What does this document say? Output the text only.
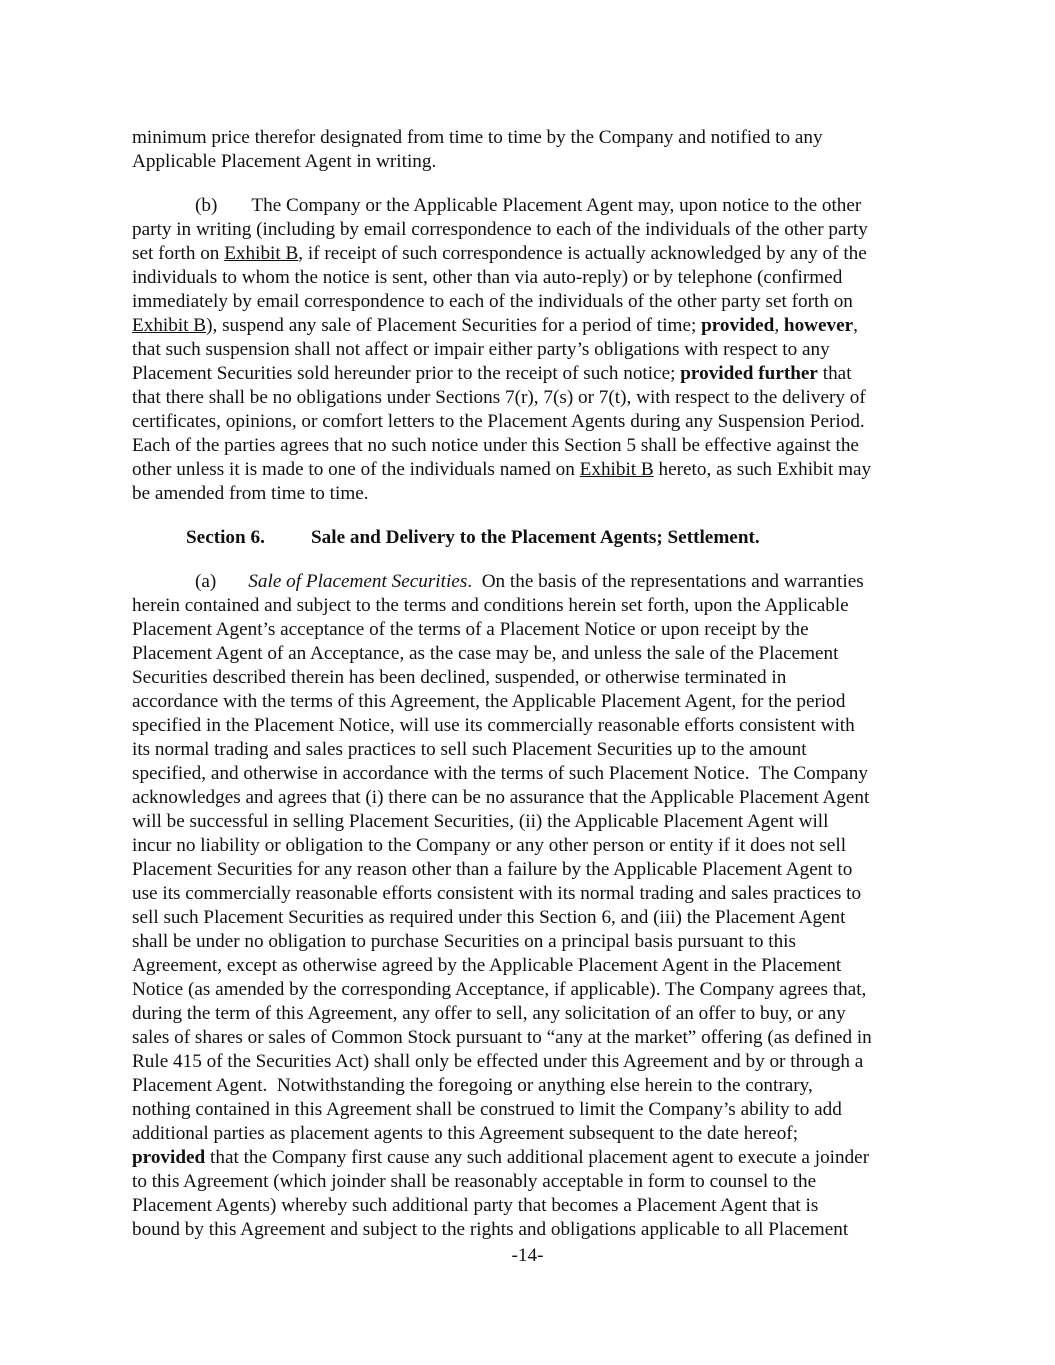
minimum price therefor designated from time to time by the Company and notified to any

Applicable Placement Agent in writing.

(b) The Company or the Applicable Placement Agent may, upon notice to the other

party in writing (including by email correspondence to each of the individuals of the other party

set forth on Exhibit B, if receipt of such correspondence is actually acknowledged by any of the

individuals to whom the notice is sent, other than via auto-reply) or by telephone (confirmed

immediately by email correspondence to each of the individuals of the other party set forth on

Exhibit B), suspend any sale of Placement Securities for a period of time; provided, however,

that such suspension shall not affect or impair either party’s obligations with respect to any

Placement Securities sold hereunder prior to the receipt of such notice; provided further that

that there shall be no obligations under Sections 7(r), 7(s) or 7(t), with respect to the delivery of

certificates, opinions, or comfort letters to the Placement Agents during any Suspension Period.

Each of the parties agrees that no such notice under this Section 5 shall be effective against the

other unless it is made to one of the individuals named on Exhibit B hereto, as such Exhibit may

be amended from time to time.

Section 6. Sale and Delivery to the Placement Agents; Settlement.

(a) Sale of Placement Securities.  On the basis of the representations and warranties

herein contained and subject to the terms and conditions herein set forth, upon the Applicable

Placement Agent’s acceptance of the terms of a Placement Notice or upon receipt by the

Placement Agent of an Acceptance, as the case may be, and unless the sale of the Placement

Securities described therein has been declined, suspended, or otherwise terminated in

accordance with the terms of this Agreement, the Applicable Placement Agent, for the period

specified in the Placement Notice, will use its commercially reasonable efforts consistent with

its normal trading and sales practices to sell such Placement Securities up to the amount

specified, and otherwise in accordance with the terms of such Placement Notice.  The Company

acknowledges and agrees that (i) there can be no assurance that the Applicable Placement Agent

will be successful in selling Placement Securities, (ii) the Applicable Placement Agent will

incur no liability or obligation to the Company or any other person or entity if it does not sell

Placement Securities for any reason other than a failure by the Applicable Placement Agent to

use its commercially reasonable efforts consistent with its normal trading and sales practices to

sell such Placement Securities as required under this Section 6, and (iii) the Placement Agent

shall be under no obligation to purchase Securities on a principal basis pursuant to this

Agreement, except as otherwise agreed by the Applicable Placement Agent in the Placement

Notice (as amended by the corresponding Acceptance, if applicable). The Company agrees that,

during the term of this Agreement, any offer to sell, any solicitation of an offer to buy, or any

sales of shares or sales of Common Stock pursuant to “any at the market” offering (as defined in

Rule 415 of the Securities Act) shall only be effected under this Agreement and by or through a

Placement Agent.  Notwithstanding the foregoing or anything else herein to the contrary,

nothing contained in this Agreement shall be construed to limit the Company’s ability to add

additional parties as placement agents to this Agreement subsequent to the date hereof;

provided that the Company first cause any such additional placement agent to execute a joinder

to this Agreement (which joinder shall be reasonably acceptable in form to counsel to the

Placement Agents) whereby such additional party that becomes a Placement Agent that is

bound by this Agreement and subject to the rights and obligations applicable to all Placement

-14-
